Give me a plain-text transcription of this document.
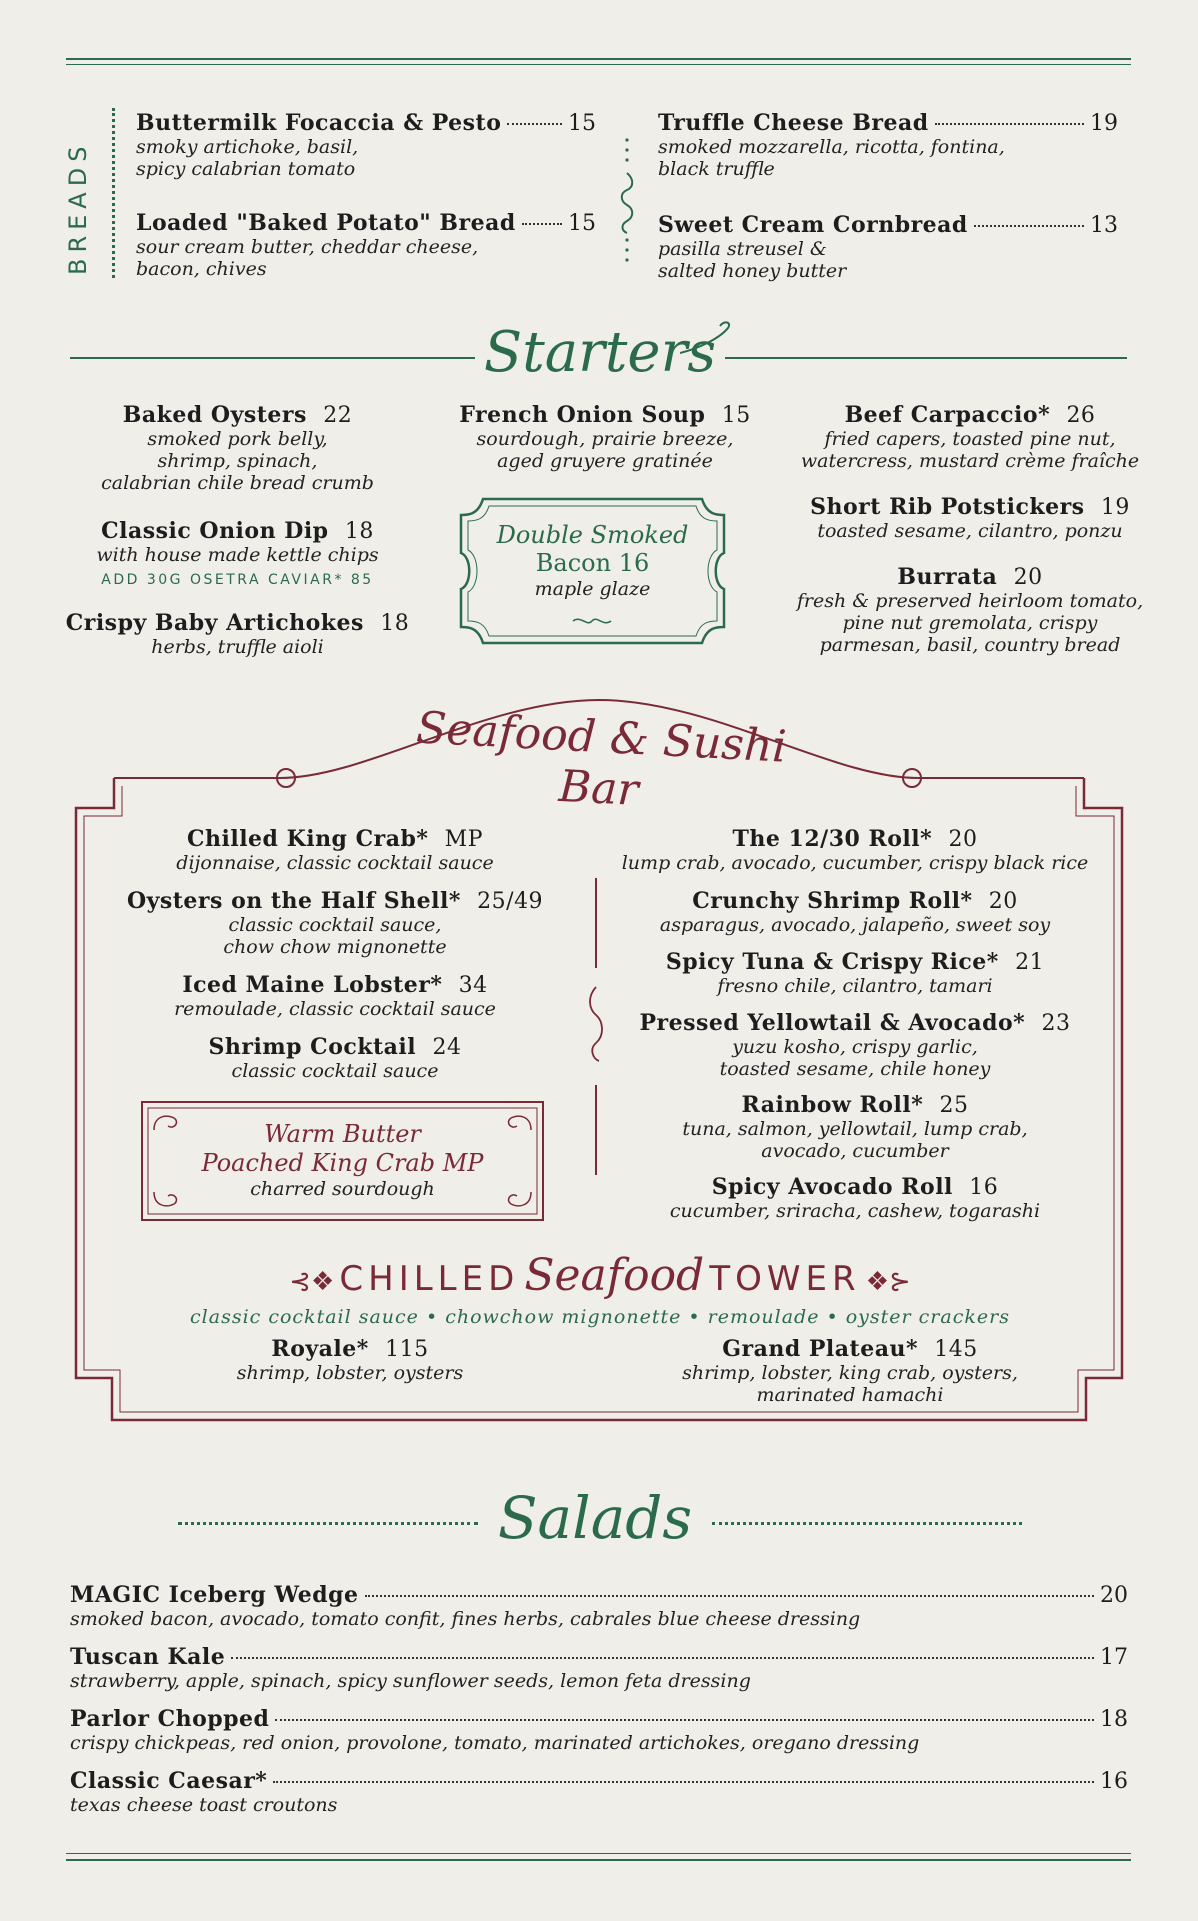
BREADS
Buttermilk Focaccia & Pesto	15
smoky artichoke, basil,
spicy calabrian tomato
Loaded "Baked Potato" Bread 15
sour cream butter, cheddar cheese,
bacon, chives
Truffle Cheese Bread	19
smoked mozzarella, ricotta, fontina,
black truffle
Sweet Cream Cornbread	13
pasilla streusel &
salted honey butter
Starters
Baked Oysters 22
smoked pork belly,
shrimp, spinach,
calabrian chile bread crumb
Classic Onion Dip 18
with house made kettle chips
ADD 30G OSETRA CAVIAR* 85
Crispy Baby Artichokes 18
herbs, truffle aioli
French Onion Soup 15
sourdough, prairie breeze,
aged gruyere gratinée
Double Smoked
Bacon 16
maple glaze
Beef Carpaccio* 26
fried capers, toasted pine nut,
watercress, mustard crème fraîche
Short Rib Potstickers 19
toasted sesame, cilantro, ponzu
Burrata 20
fresh & preserved heirloom tomato,
pine nut gremolata, crispy
parmesan, basil, country bread
Seafood & Sushi Bar
Chilled King Crab* MP
dijonnaise, classic cocktail sauce
Oysters on the Half Shell* 25/49
classic cocktail sauce,
chow chow mignonette
Iced Maine Lobster* 34
remoulade, classic cocktail sauce
Shrimp Cocktail 24
classic cocktail sauce
Warm Butter
Poached King Crab MP
charred sourdough
The 12/30 Roll* 20
lump crab, avocado, cucumber, crispy black rice
Crunchy Shrimp Roll* 20
asparagus, avocado, jalapeño, sweet soy
Spicy Tuna & Crispy Rice* 21
fresno chile, cilantro, tamari
Pressed Yellowtail & Avocado* 23
yuzu kosho, crispy garlic,
toasted sesame, chile honey
Rainbow Roll* 25
tuna, salmon, yellowtail, lump crab,
avocado, cucumber
Spicy Avocado Roll 16
cucumber, sriracha, cashew, togarashi
⊰❖ CHILLED Seafood TOWER ❖⊱
classic cocktail sauce • chowchow mignonette • remoulade • oyster crackers
Royale* 115
shrimp, lobster, oysters
Grand Plateau* 145
shrimp, lobster, king crab, oysters,
marinated hamachi
Salads
MAGIC Iceberg Wedge	20
smoked bacon, avocado, tomato confit, fines herbs, cabrales blue cheese dressing
Tuscan Kale	17
strawberry, apple, spinach, spicy sunflower seeds, lemon feta dressing
Parlor Chopped	18
crispy chickpeas, red onion, provolone, tomato, marinated artichokes, oregano dressing
Classic Caesar*	16
texas cheese toast croutons
